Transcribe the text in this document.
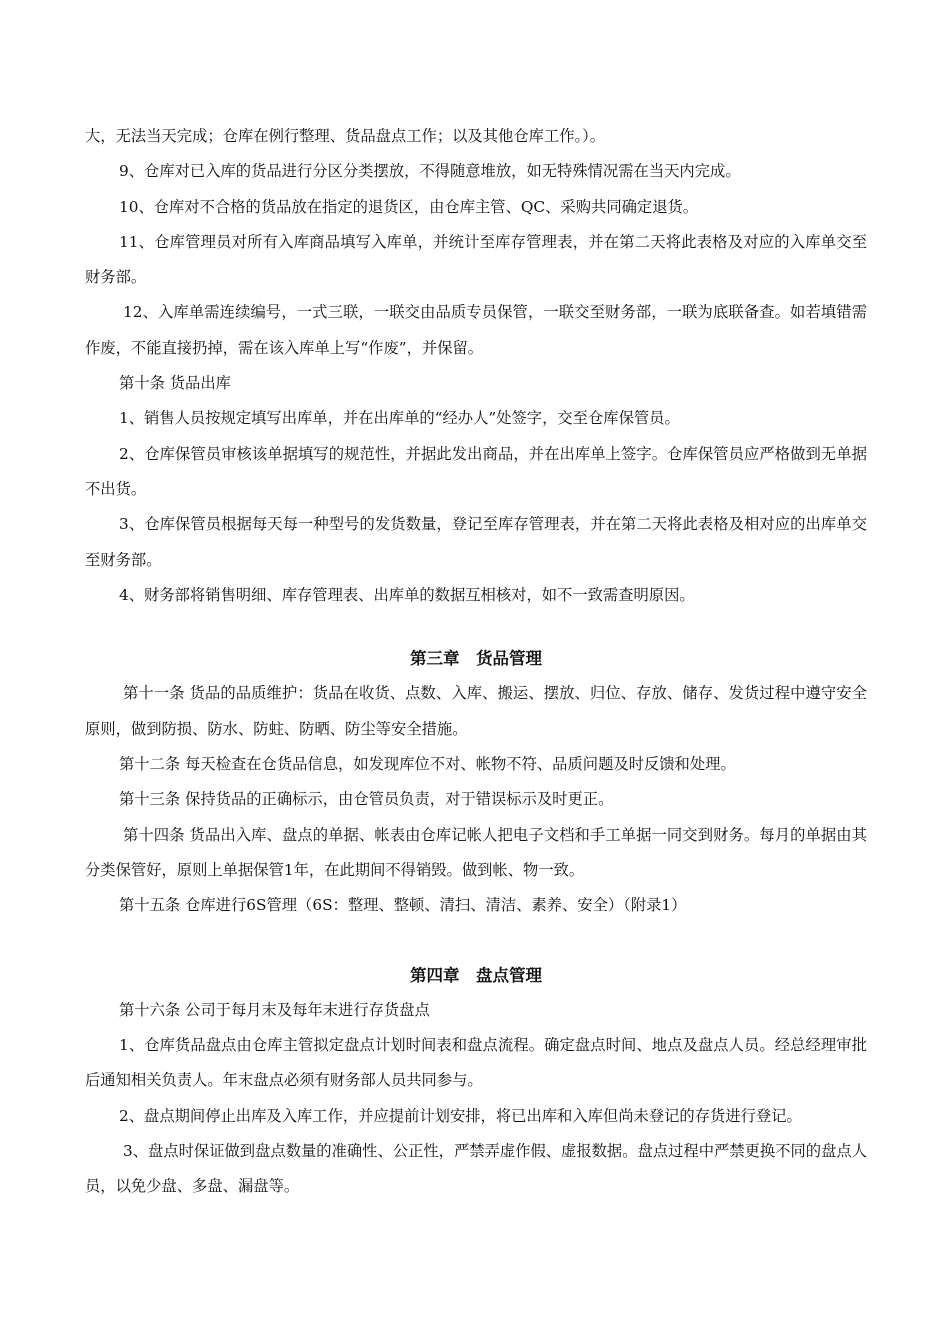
大，无法当天完成；仓库在例行整理、货品盘点工作；以及其他仓库工作。）。

9、仓库对已入库的货品进行分区分类摆放，不得随意堆放，如无特殊情况需在当天内完成。

10、仓库对不合格的货品放在指定的退货区，由仓库主管、QC、采购共同确定退货。

11、仓库管理员对所有入库商品填写入库单，并统计至库存管理表，并在第二天将此表格及对应的入库单交至财务部。

12、入库单需连续编号，一式三联，一联交由品质专员保管，一联交至财务部，一联为底联备查。如若填错需作废，不能直接扔掉，需在该入库单上写“作废”，并保留。

第十条 货品出库

1、销售人员按规定填写出库单，并在出库单的“经办人”处签字，交至仓库保管员。

2、仓库保管员审核该单据填写的规范性，并据此发出商品，并在出库单上签字。仓库保管员应严格做到无单据不出货。

3、仓库保管员根据每天每一种型号的发货数量，登记至库存管理表，并在第二天将此表格及相对应的出库单交至财务部。

4、财务部将销售明细、库存管理表、出库单的数据互相核对，如不一致需查明原因。

第三章　货品管理

第十一条 货品的品质维护：货品在收货、点数、入库、搬运、摆放、归位、存放、储存、发货过程中遵守安全原则，做到防损、防水、防蛀、防晒、防尘等安全措施。

第十二条 每天检查在仓货品信息，如发现库位不对、帐物不符、品质问题及时反馈和处理。

第十三条 保持货品的正确标示，由仓管员负责，对于错误标示及时更正。

第十四条 货品出入库、盘点的单据、帐表由仓库记帐人把电子文档和手工单据一同交到财务。每月的单据由其分类保管好，原则上单据保管1年，在此期间不得销毁。做到帐、物一致。

第十五条 仓库进行6S管理（6S：整理、整顿、清扫、清洁、素养、安全）（附录1）

第四章　盘点管理

第十六条 公司于每月末及每年末进行存货盘点

1、仓库货品盘点由仓库主管拟定盘点计划时间表和盘点流程。确定盘点时间、地点及盘点人员。经总经理审批后通知相关负责人。年末盘点必须有财务部人员共同参与。

2、盘点期间停止出库及入库工作，并应提前计划安排，将已出库和入库但尚未登记的存货进行登记。

3、盘点时保证做到盘点数量的准确性、公正性，严禁弄虚作假、虚报数据。盘点过程中严禁更换不同的盘点人员，以免少盘、多盘、漏盘等。
